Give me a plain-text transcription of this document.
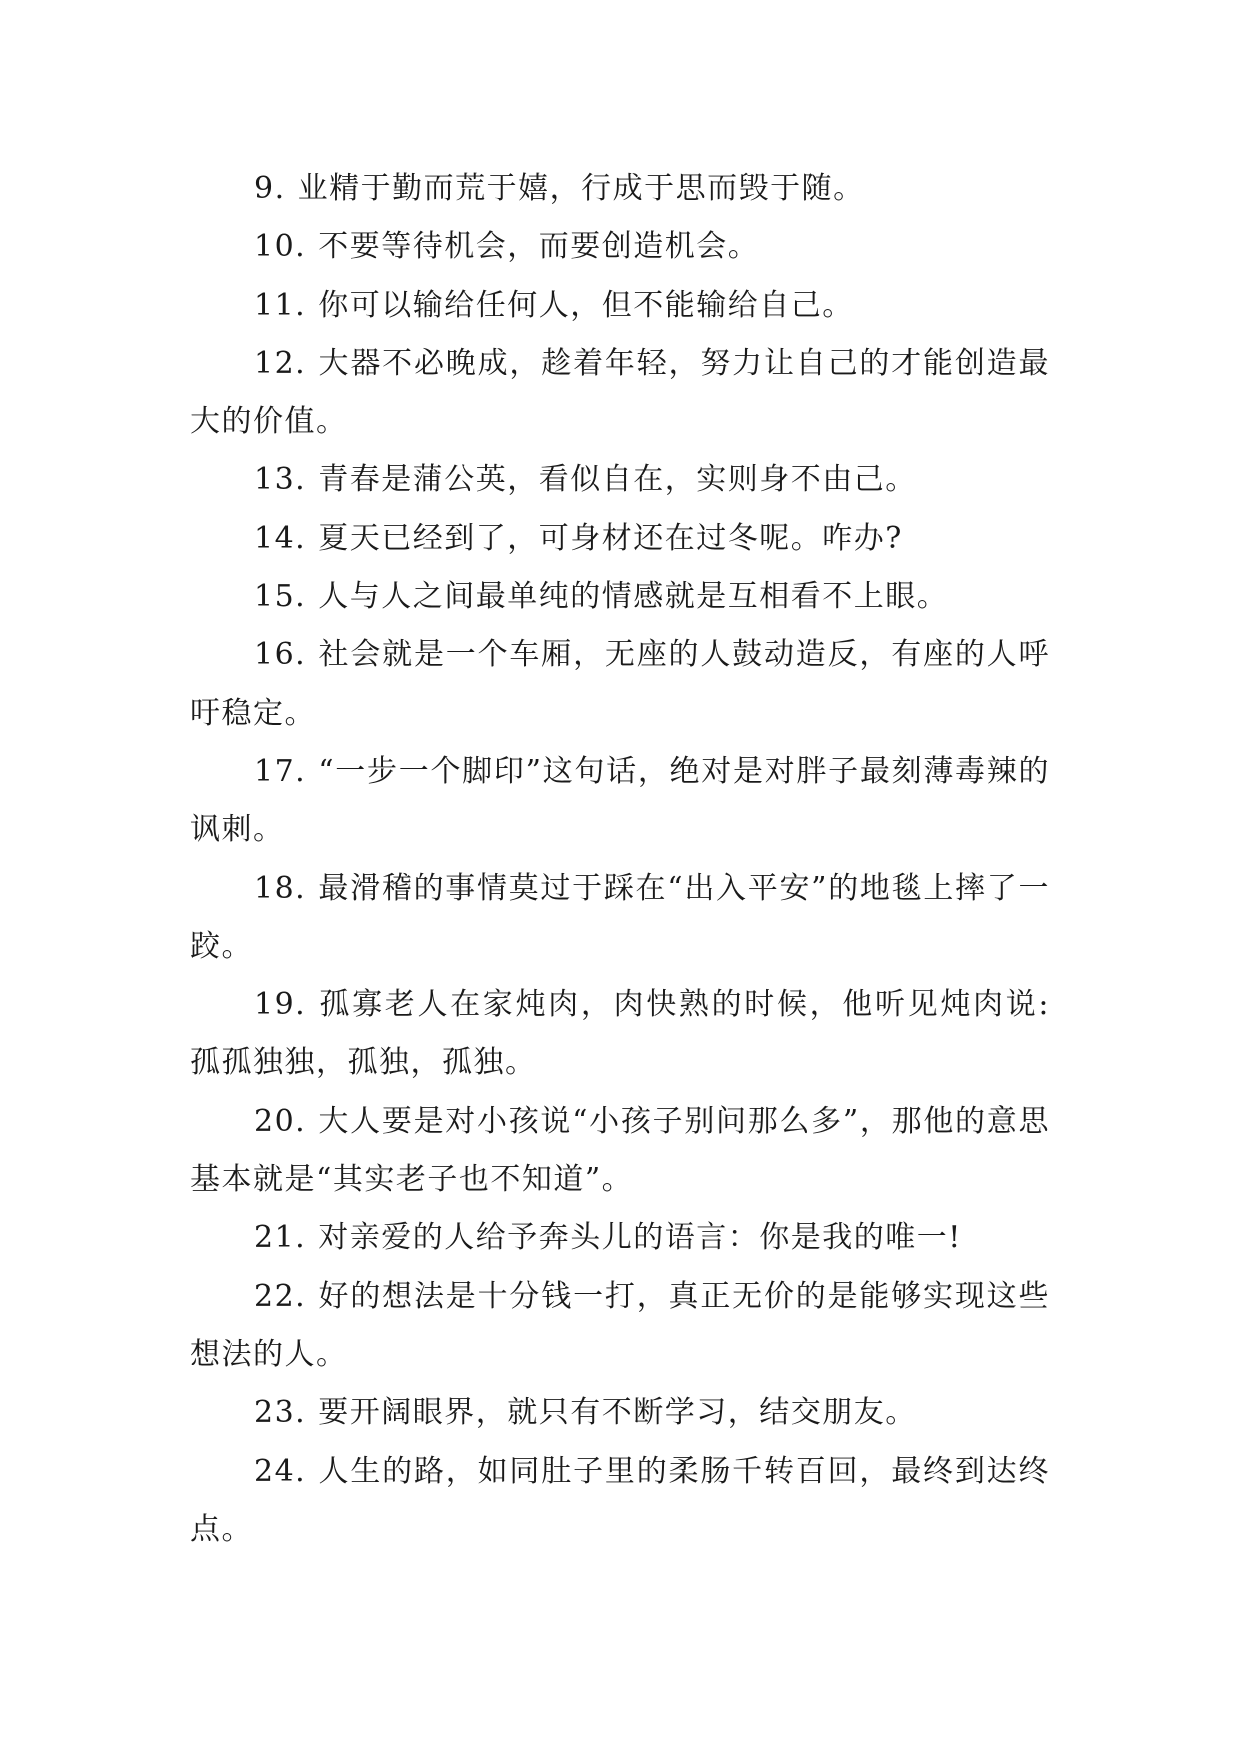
9. 业精于勤而荒于嬉，行成于思而毁于随。

10. 不要等待机会，而要创造机会。

11. 你可以输给任何人，但不能输给自己。

12. 大器不必晚成，趁着年轻，努力让自己的才能创造最大的价值。

13. 青春是蒲公英，看似自在，实则身不由己。

14. 夏天已经到了，可身材还在过冬呢。咋办?

15. 人与人之间最单纯的情感就是互相看不上眼。

16. 社会就是一个车厢，无座的人鼓动造反，有座的人呼吁稳定。

17. “一步一个脚印”这句话，绝对是对胖子最刻薄毒辣的讽刺。

18. 最滑稽的事情莫过于踩在“出入平安”的地毯上摔了一跤。

19. 孤寡老人在家炖肉，肉快熟的时候，他听见炖肉说:孤孤独独，孤独，孤独。

20. 大人要是对小孩说“小孩子别问那么多”，那他的意思基本就是“其实老子也不知道”。

21. 对亲爱的人给予奔头儿的语言：你是我的唯一!

22. 好的想法是十分钱一打，真正无价的是能够实现这些想法的人。

23. 要开阔眼界，就只有不断学习，结交朋友。

24. 人生的路，如同肚子里的柔肠千转百回，最终到达终点。
